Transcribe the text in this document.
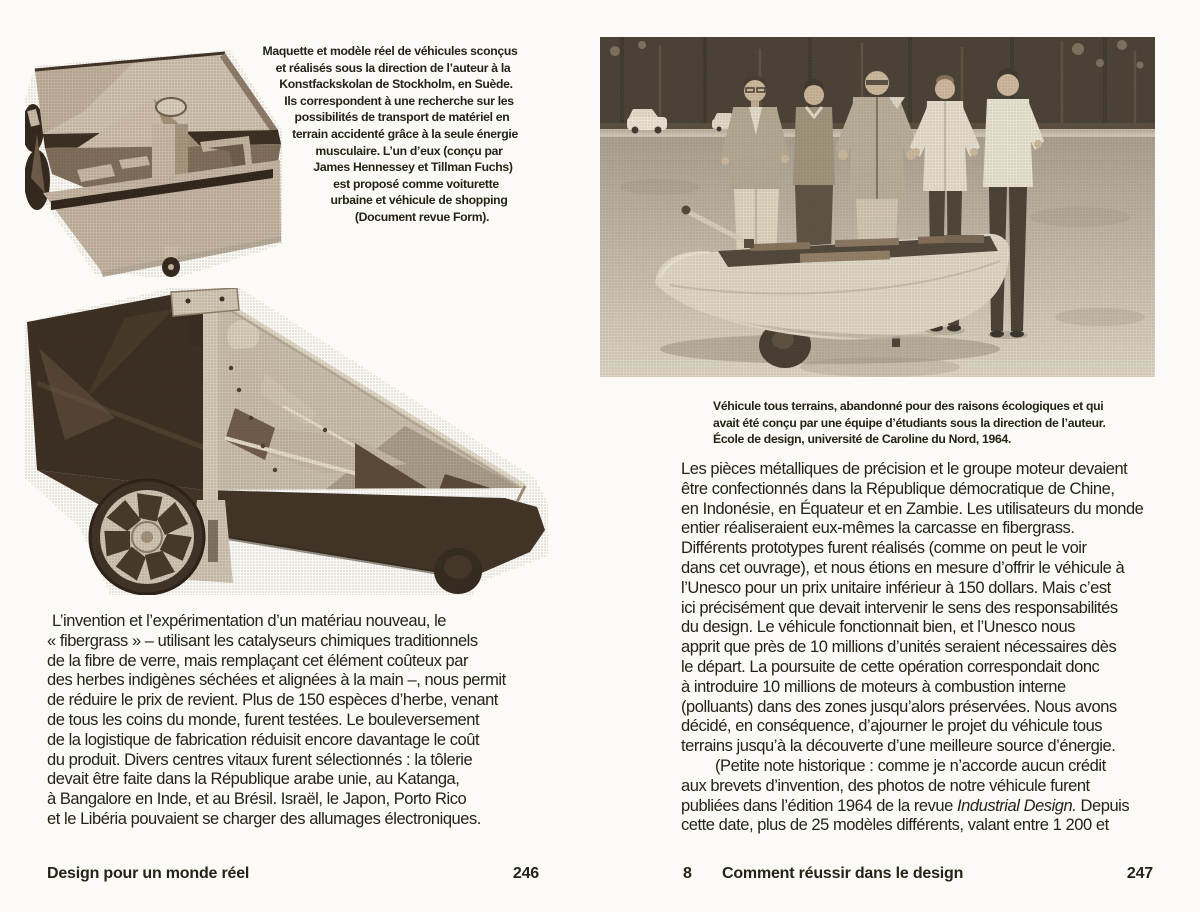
Maquette et modèle réel de véhicules sconçus
et réalisés sous la direction de l’auteur à la
Konstfackskolan de Stockholm, en Suède.
Ils correspondent à une recherche sur les
possibilités de transport de matériel en
terrain accidenté grâce à la seule énergie
musculaire. L’un d’eux (conçu par
James Hennessey et Tillman Fuchs)
est proposé comme voiturette
urbaine et véhicule de shopping
(Document revue Form).
L’invention et l’expérimentation d’un matériau nouveau, le
« fibergrass » – utilisant les catalyseurs chimiques traditionnels
de la fibre de verre, mais remplaçant cet élément coûteux par
des herbes indigènes séchées et alignées à la main –, nous permit
de réduire le prix de revient. Plus de 150 espèces d’herbe, venant
de tous les coins du monde, furent testées. Le bouleversement
de la logistique de fabrication réduisit encore davantage le coût
du produit. Divers centres vitaux furent sélectionnés : la tôlerie
devait être faite dans la République arabe unie, au Katanga,
à Bangalore en Inde, et au Brésil. Israël, le Japon, Porto Rico
et le Libéria pouvaient se charger des allumages électroniques.
Design pour un monde réel	246
Véhicule tous terrains, abandonné pour des raisons écologiques et qui
avait été conçu par une équipe d’étudiants sous la direction de l’auteur.
École de design, université de Caroline du Nord, 1964.
Les pièces métalliques de précision et le groupe moteur devaient
être confectionnés dans la République démocratique de Chine,
en Indonésie, en Équateur et en Zambie. Les utilisateurs du monde
entier réaliseraient eux-mêmes la carcasse en fibergrass.
Différents prototypes furent réalisés (comme on peut le voir
dans cet ouvrage), et nous étions en mesure d’offrir le véhicule à
l’Unesco pour un prix unitaire inférieur à 150 dollars. Mais c’est
ici précisément que devait intervenir le sens des responsabilités
du design. Le véhicule fonctionnait bien, et l’Unesco nous
apprit que près de 10 millions d’unités seraient nécessaires dès
le départ. La poursuite de cette opération correspondait donc
à introduire 10 millions de moteurs à combustion interne
(polluants) dans des zones jusqu’alors préservées. Nous avons
décidé, en conséquence, d’ajourner le projet du véhicule tous
terrains jusqu’à la découverte d’une meilleure source d’énergie.
(Petite note historique : comme je n’accorde aucun crédit
aux brevets d’invention, des photos de notre véhicule furent
publiées dans l’édition 1964 de la revue Industrial Design. Depuis
cette date, plus de 25 modèles différents, valant entre 1 200 et
8	Comment réussir dans le design	247
